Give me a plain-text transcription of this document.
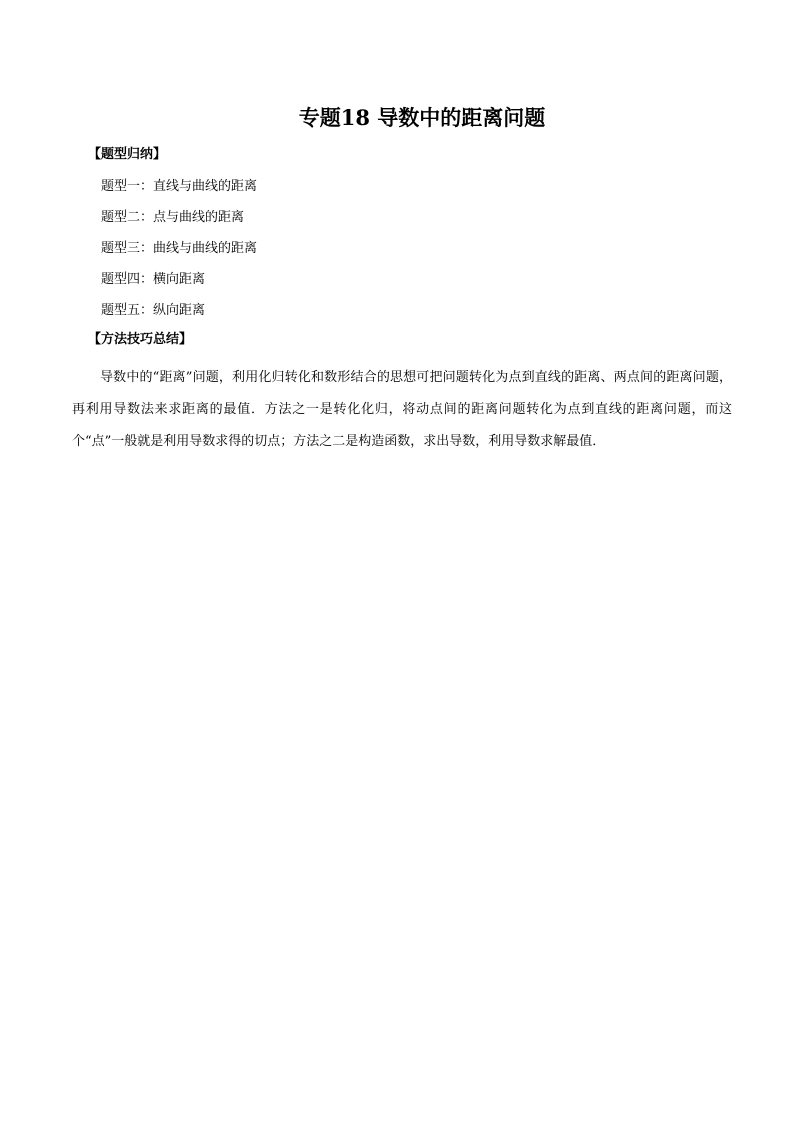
专题18 导数中的距离问题

【题型归纳】

题型一：直线与曲线的距离
题型二：点与曲线的距离
题型三：曲线与曲线的距离
题型四：横向距离
题型五：纵向距离

【方法技巧总结】

导数中的“距离”问题，利用化归转化和数形结合的思想可把问题转化为点到直线的距离、两点间的距离问题，再利用导数法来求距离的最值．方法之一是转化化归，将动点间的距离问题转化为点到直线的距离问题，而这个“点”一般就是利用导数求得的切点；方法之二是构造函数，求出导数，利用导数求解最值．
